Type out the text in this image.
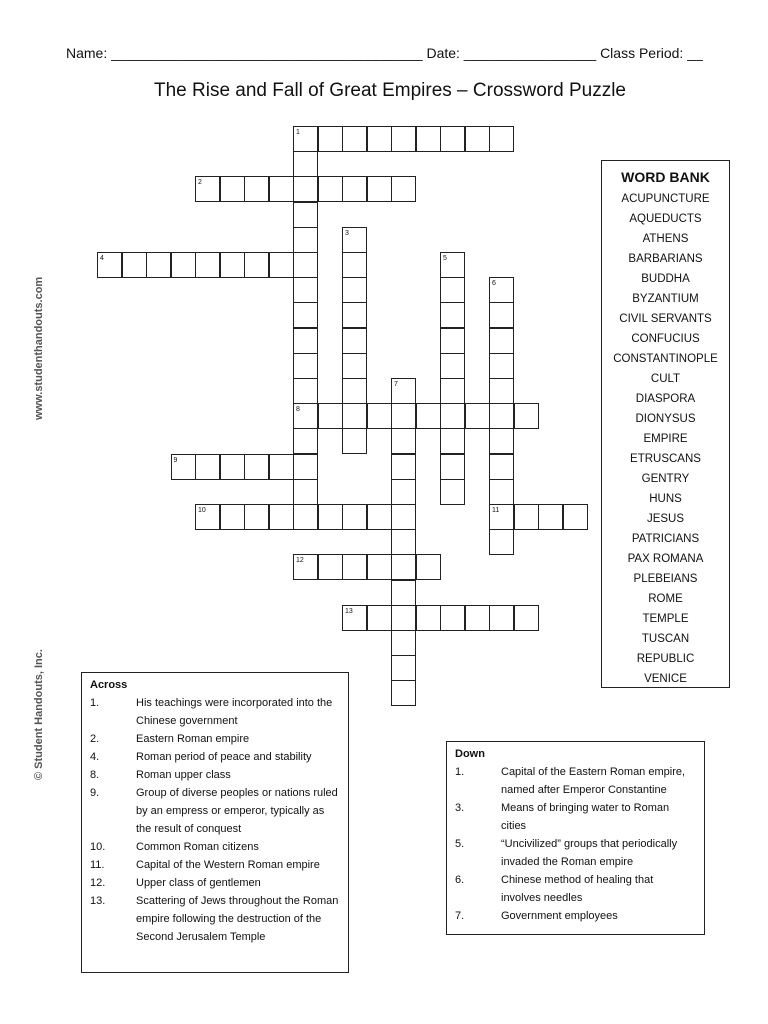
Name: ________________________________________ Date: _________________ Class Period: __
The Rise and Fall of Great Empires – Crossword Puzzle
www.studenthandouts.com
© Student Handouts, Inc.
1
8
2
3
4	5
6
11
7
9
10
12
13
WORD BANK
ACUPUNCTURE
AQUEDUCTS
ATHENS
BARBARIANS
BUDDHA
BYZANTIUM
CIVIL SERVANTS
CONFUCIUS
CONSTANTINOPLE
CULT
DIASPORA
DIONYSUS
EMPIRE
ETRUSCANS
GENTRY
HUNS
JESUS
PATRICIANS
PAX ROMANA
PLEBEIANS
ROME
TEMPLE
TUSCAN
REPUBLIC
VENICE
Across
1.	His teachings were incorporated into the Chinese government
2.	Eastern Roman empire
4.	Roman period of peace and stability
8.	Roman upper class
9.	Group of diverse peoples or nations ruled by an empress or emperor, typically as the result of conquest
10.	Common Roman citizens
11.	Capital of the Western Roman empire
12.	Upper class of gentlemen
13.	Scattering of Jews throughout the Roman empire following the destruction of the Second Jerusalem Temple
Down
1.	Capital of the Eastern Roman empire, named after Emperor Constantine
3.	Means of bringing water to Roman cities
5.	“Uncivilized” groups that periodically invaded the Roman empire
6.	Chinese method of healing that involves needles
7.	Government employees
